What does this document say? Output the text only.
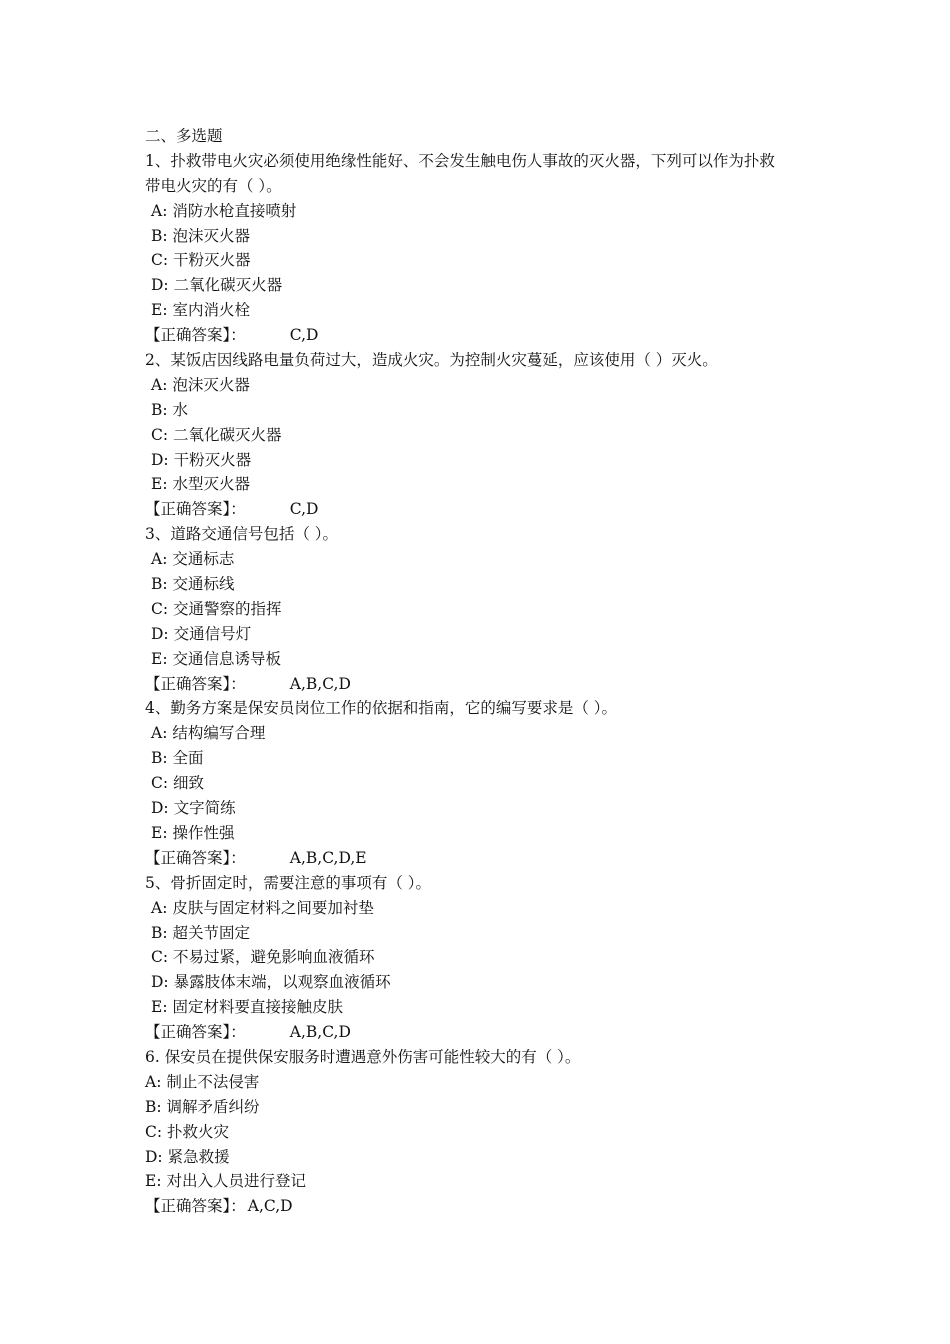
二、多选题
1、扑救带电火灾必须使用绝缘性能好、不会发生触电伤人事故的灭火器，下列可以作为扑救
带电火灾的有（ ）。
A: 消防水枪直接喷射
B: 泡沫灭火器
C: 干粉灭火器
D: 二氧化碳灭火器
E: 室内消火栓
【正确答案】：	C,D
2、某饭店因线路电量负荷过大，造成火灾。为控制火灾蔓延，应该使用（ ）灭火。
A: 泡沫灭火器
B: 水
C: 二氧化碳灭火器
D: 干粉灭火器
E: 水型灭火器
【正确答案】：	C,D
3、道路交通信号包括（ ）。
A: 交通标志
B: 交通标线
C: 交通警察的指挥
D: 交通信号灯
E: 交通信息诱导板
【正确答案】：	A,B,C,D
4、勤务方案是保安员岗位工作的依据和指南，它的编写要求是（ ）。
A: 结构编写合理
B: 全面
C: 细致
D: 文字简练
E: 操作性强
【正确答案】：	A,B,C,D,E
5、骨折固定时，需要注意的事项有（ ）。
A: 皮肤与固定材料之间要加衬垫
B: 超关节固定
C: 不易过紧，避免影响血液循环
D: 暴露肢体末端，以观察血液循环
E: 固定材料要直接接触皮肤
【正确答案】：	A,B,C,D
6. 保安员在提供保安服务时遭遇意外伤害可能性较大的有（ ）。
A: 制止不法侵害
B: 调解矛盾纠纷
C: 扑救火灾
D: 紧急救援
E: 对出入人员进行登记
【正确答案】： A,C,D
